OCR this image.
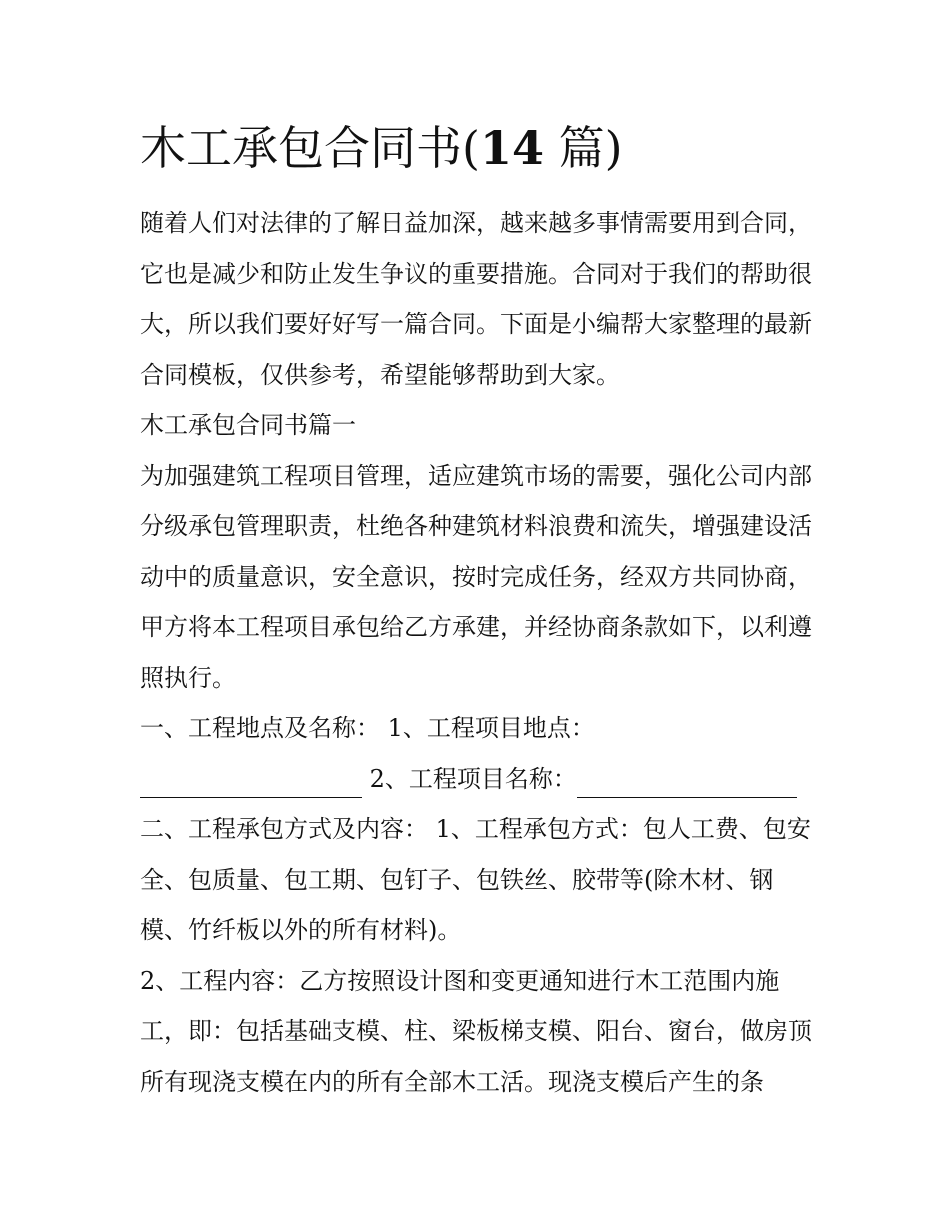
木工承包合同书(14 篇)

随着人们对法律的了解日益加深，越来越多事情需要用到合同，它也是减少和防止发生争议的重要措施。合同对于我们的帮助很大，所以我们要好好写一篇合同。下面是小编帮大家整理的最新合同模板，仅供参考，希望能够帮助到大家。

木工承包合同书篇一

为加强建筑工程项目管理，适应建筑市场的需要，强化公司内部分级承包管理职责，杜绝各种建筑材料浪费和流失，增强建设活动中的质量意识，安全意识，按时完成任务，经双方共同协商，甲方将本工程项目承包给乙方承建，并经协商条款如下，以利遵照执行。

一、工程地点及名称： 1、工程项目地点：

2、工程项目名称：

二、工程承包方式及内容： 1、工程承包方式：包人工费、包安全、包质量、包工期、包钉子、包铁丝、胶带等(除木材、钢模、竹纤板以外的所有材料)。

2、工程内容：乙方按照设计图和变更通知进行木工范围内施工，即：包括基础支模、柱、梁板梯支模、阳台、窗台，做房顶所有现浇支模在内的所有全部木工活。现浇支模后产生的条
